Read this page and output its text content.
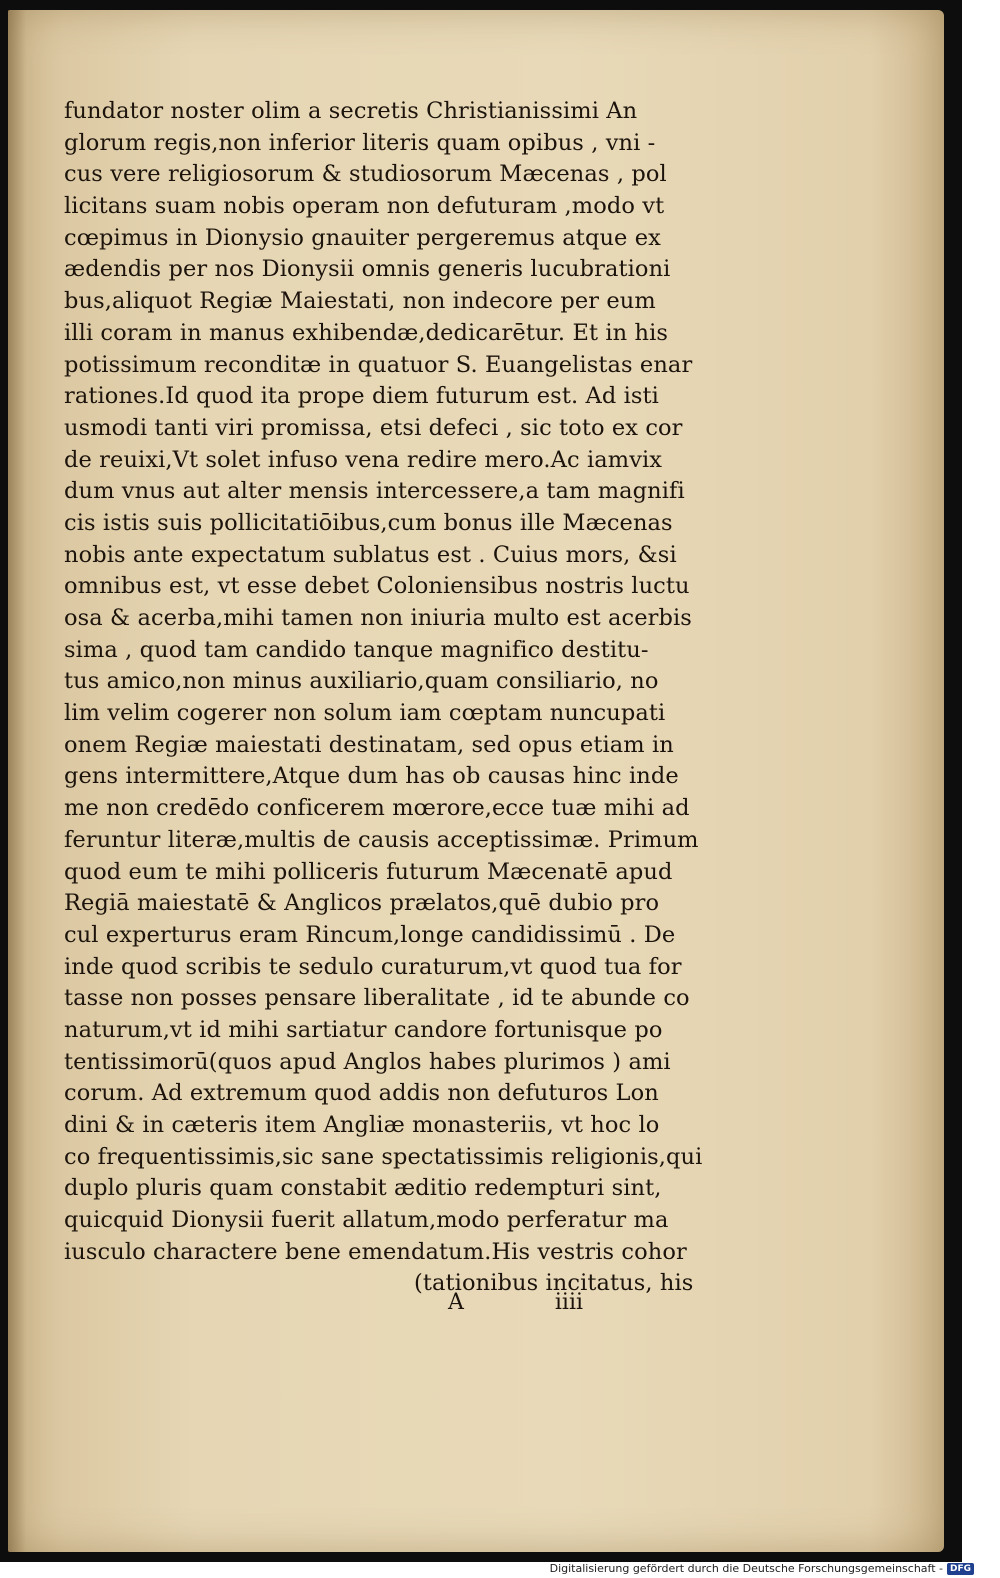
fundator noster olim a secretis Christianissimi An
glorum regis,non inferior literis quam opibus , vni -
cus vere religiosorum & studiosorum Mæcenas , pol
licitans suam nobis operam non defuturam ,modo vt
cœpimus in Dionysio gnauiter pergeremus atque ex
ædendis per nos Dionysii omnis generis lucubrationi
bus,aliquot Regiæ Maiestati, non indecore per eum
illi coram in manus exhibendæ,dedicarētur. Et in his
potissimum reconditæ in quatuor S. Euangelistas enar
rationes.Id quod ita prope diem futurum est. Ad isti
usmodi tanti viri promissa, etsi defeci , sic toto ex cor
de reuixi,Vt solet infuso vena redire mero.Ac iamvix
dum vnus aut alter mensis intercessere,a tam magnifi
cis istis suis pollicitatiōibus,cum bonus ille Mæcenas
nobis ante expectatum sublatus est . Cuius mors, &si
omnibus est, vt esse debet Coloniensibus nostris luctu
osa & acerba,mihi tamen non iniuria multo est acerbis
sima , quod tam candido tanque magnifico destitu-
tus amico,non minus auxiliario,quam consiliario, no
lim velim cogerer non solum iam cœptam nuncupati
onem Regiæ maiestati destinatam, sed opus etiam in
gens intermittere,Atque dum has ob causas hinc inde
me non credēdo conficerem mœrore,ecce tuæ mihi ad
feruntur literæ,multis de causis acceptissimæ. Primum
quod eum te mihi polliceris futurum Mæcenatē apud
Regiā maiestatē & Anglicos prælatos,quē dubio pro
cul experturus eram Rincum,longe candidissimū . De
inde quod scribis te sedulo curaturum,vt quod tua for
tasse non posses pensare liberalitate , id te abunde co
naturum,vt id mihi sartiatur candore fortunisque po
tentissimorū(quos apud Anglos habes plurimos ) ami
corum. Ad extremum quod addis non defuturos Lon
dini & in cæteris item Angliæ monasteriis, vt hoc lo
co frequentissimis,sic sane spectatissimis religionis,qui
duplo pluris quam constabit æditio redempturi sint,
quicquid Dionysii fuerit allatum,modo perferatur ma
iusculo charactere bene emendatum.His vestris cohor
(tationibus incitatus, his
A	iiii
Digitalisierung gefördert durch die Deutsche Forschungsgemeinschaft - DFG
